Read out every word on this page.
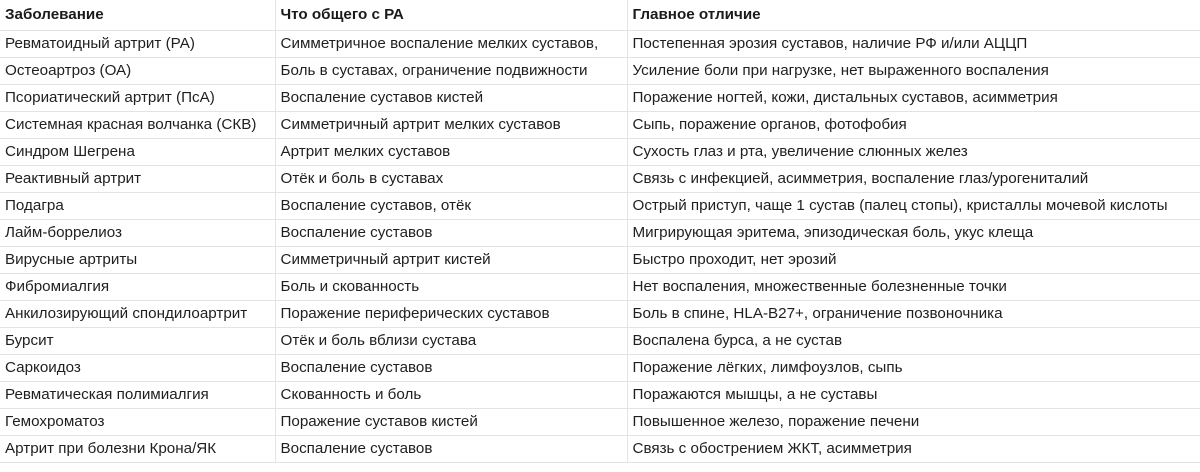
Заболевание	Что общего с РА	Главное отличие
Ревматоидный артрит (РА)	Симметричное воспаление мелких суставов,	Постепенная эрозия суставов, наличие РФ и/или АЦЦП
Остеоартроз (ОА)	Боль в суставах, ограничение подвижности	Усиление боли при нагрузке, нет выраженного воспаления
Псориатический артрит (ПсА)	Воспаление суставов кистей	Поражение ногтей, кожи, дистальных суставов, асимметрия
Системная красная волчанка (СКВ)	Симметричный артрит мелких суставов	Сыпь, поражение органов, фотофобия
Синдром Шегрена	Артрит мелких суставов	Сухость глаз и рта, увеличение слюнных желез
Реактивный артрит	Отёк и боль в суставах	Связь с инфекцией, асимметрия, воспаление глаз/урогениталий
Подагра	Воспаление суставов, отёк	Острый приступ, чаще 1 сустав (палец стопы), кристаллы мочевой кислоты
Лайм-боррелиоз	Воспаление суставов	Мигрирующая эритема, эпизодическая боль, укус клеща
Вирусные артриты	Симметричный артрит кистей	Быстро проходит, нет эрозий
Фибромиалгия	Боль и скованность	Нет воспаления, множественные болезненные точки
Анкилозирующий спондилоартрит	Поражение периферических суставов	Боль в спине, HLA-B27+, ограничение позвоночника
Бурсит	Отёк и боль вблизи сустава	Воспалена бурса, а не сустав
Саркоидоз	Воспаление суставов	Поражение лёгких, лимфоузлов, сыпь
Ревматическая полимиалгия	Скованность и боль	Поражаются мышцы, а не суставы
Гемохроматоз	Поражение суставов кистей	Повышенное железо, поражение печени
Артрит при болезни Крона/ЯК	Воспаление суставов	Связь с обострением ЖКТ, асимметрия
